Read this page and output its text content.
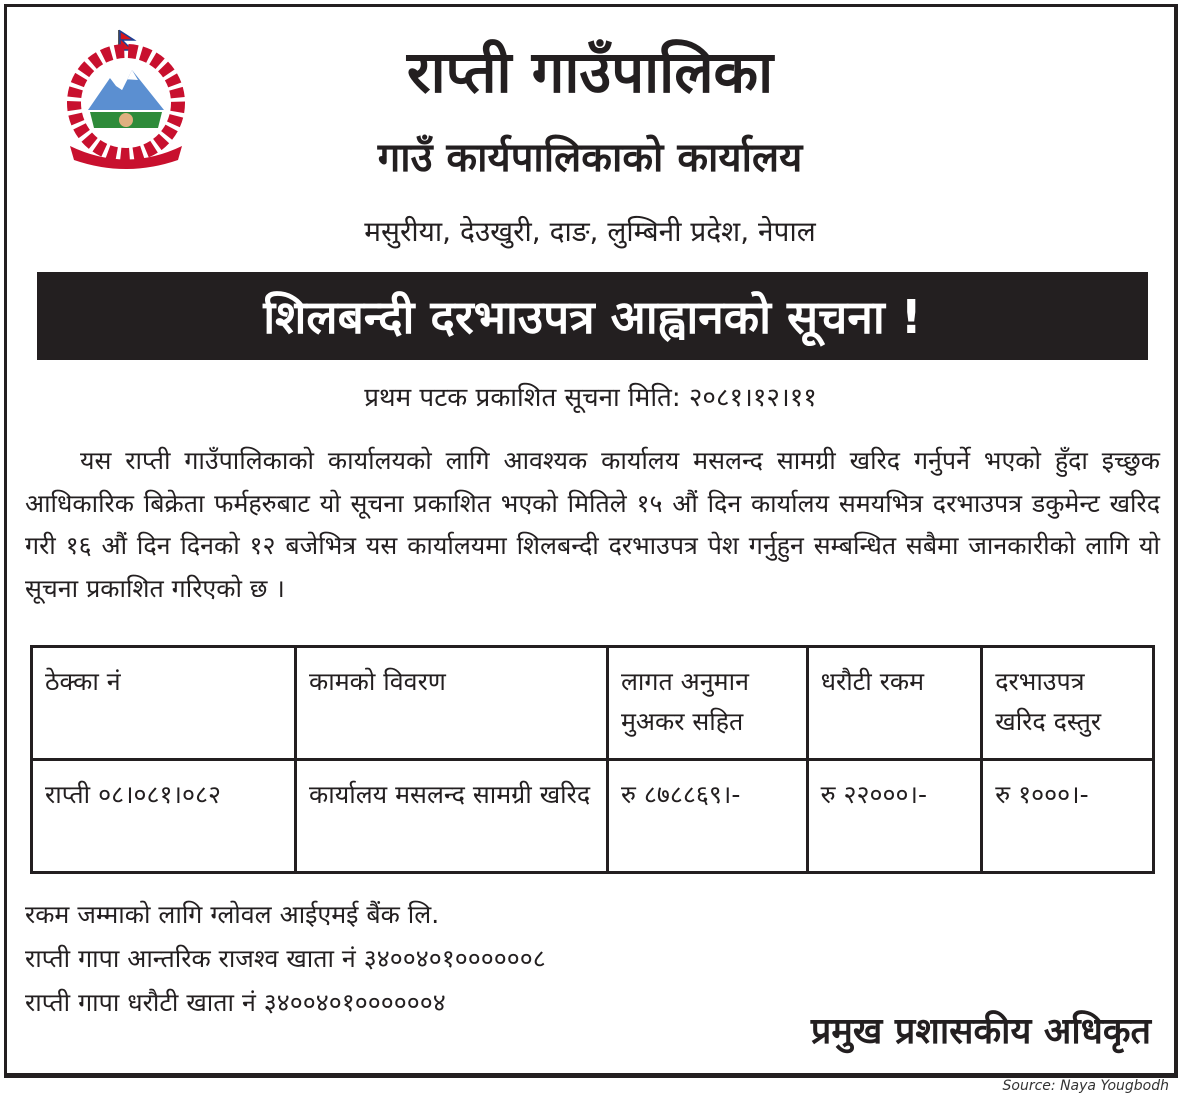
राप्ती गाउँपालिका
गाउँ कार्यपालिकाको कार्यालय
मसुरीया, देउखुरी, दाङ, लुम्बिनी प्रदेश, नेपाल
शिलबन्दी दरभाउपत्र आह्वानको सूचना !
प्रथम पटक प्रकाशित सूचना मिति: २०८१।१२।११
यस राप्ती गाउँपालिकाको कार्यालयको लागि आवश्यक कार्यालय मसलन्द सामग्री खरिद गर्नुपर्ने भएको हुँदा इच्छुक आधिकारिक बिक्रेता फर्महरुबाट यो सूचना प्रकाशित भएको मितिले १५ औं दिन कार्यालय समयभित्र दरभाउपत्र डकुमेन्ट खरिद गरी १६ औं दिन दिनको १२ बजेभित्र यस कार्यालयमा शिलबन्दी दरभाउपत्र पेश गर्नुहुन सम्बन्धित सबैमा जानकारीको लागि यो सूचना प्रकाशित गरिएको छ ।
ठेक्का नं	कामको विवरण	लागत अनुमान मुअकर सहित	धरौटी रकम	दरभाउपत्र खरिद दस्तुर
राप्ती ०८।०८१।०८२	कार्यालय मसलन्द सामग्री खरिद	रु ८७८८६९।-	रु २२०००।-	रु १०००।-
रकम जम्माको लागि ग्लोवल आईएमई बैंक लि.
राप्ती गापा आन्तरिक राजश्व खाता नं ३४००४०१००००००८
राप्ती गापा धरौटी खाता नं ३४००४०१००००००४
प्रमुख प्रशासकीय अधिकृत
Source: Naya Yougbodh
